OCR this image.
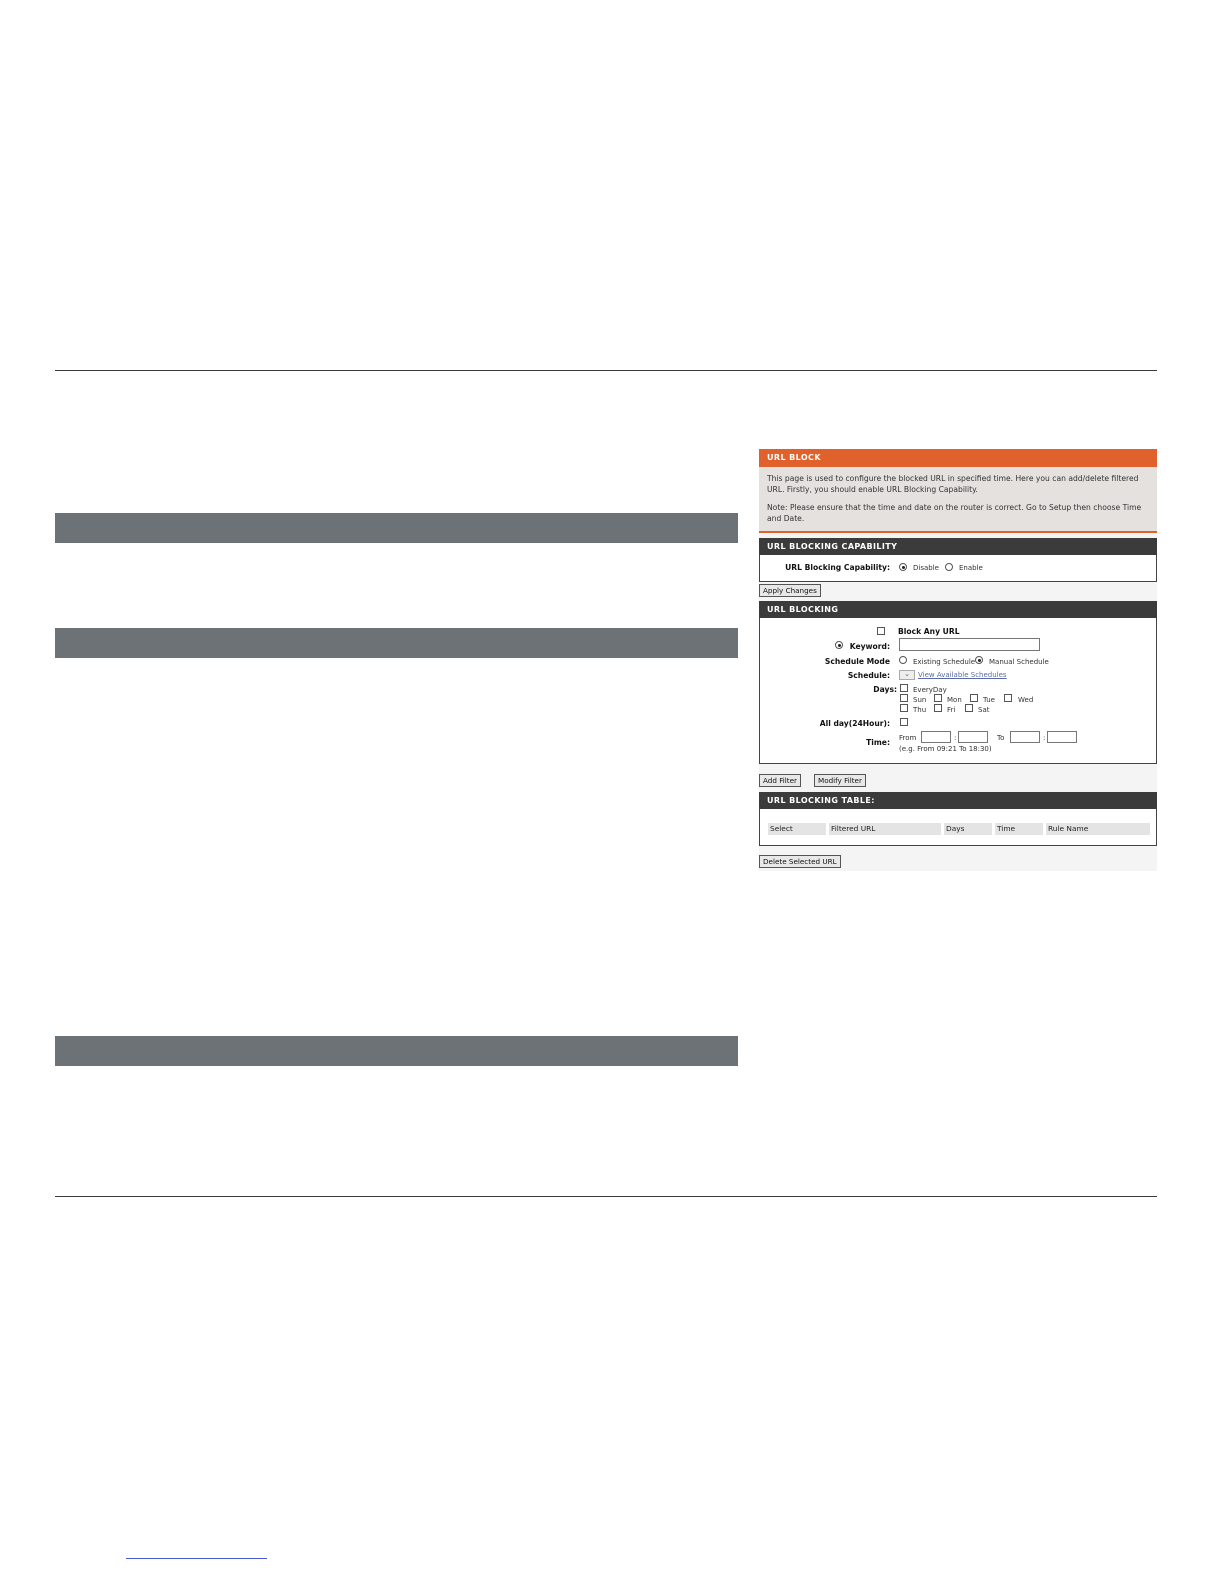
URL BLOCK

This page is used to configure the blocked URL in specified time. Here you can add/delete filtered URL. Firstly, you should enable URL Blocking Capability.

Note: Please ensure that the time and date on the router is correct. Go to Setup then choose Time and Date.

URL BLOCKING CAPABILITY
URL Blocking Capability:	Disable	Enable
Apply Changes
URL BLOCKING
Block Any URL
Keyword:
Schedule Mode	Existing Schedule Manual Schedule
Schedule:	⌄	View Available Schedules
Days: EveryDay
Sun	Mon	Tue	Wed
Thu	Fri	Sat
All day(24Hour):
Time: From	:	To	:
(e.g. From 09:21 To 18:30)
Add Filter	Modify Filter
URL BLOCKING TABLE:
Select	Filtered URL	Days	Time	Rule Name
Delete Selected URL
